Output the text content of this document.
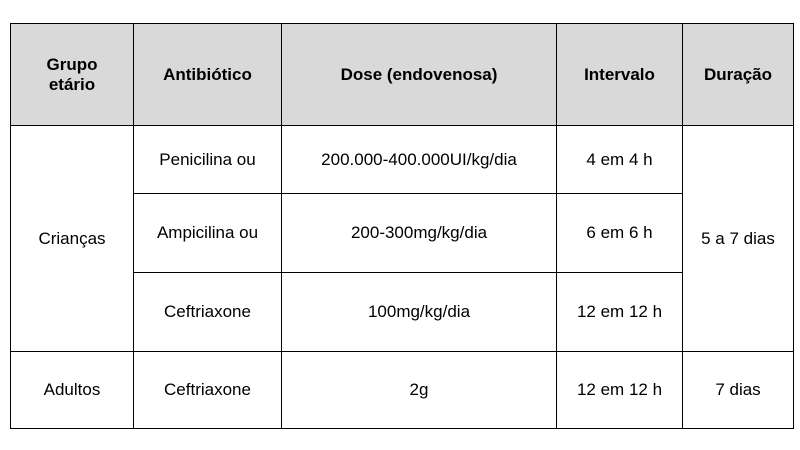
Grupo
etário	Antibiótico	Dose (endovenosa)	Intervalo	Duração
Crianças	Penicilina ou	200.000-400.000UI/kg/dia	4 em 4 h	5 a 7 dias
	Ampicilina ou	200-300mg/kg/dia	6 em 6 h	
	Ceftriaxone	100mg/kg/dia	12 em 12 h	
Adultos	Ceftriaxone	2g	12 em 12 h	7 dias
